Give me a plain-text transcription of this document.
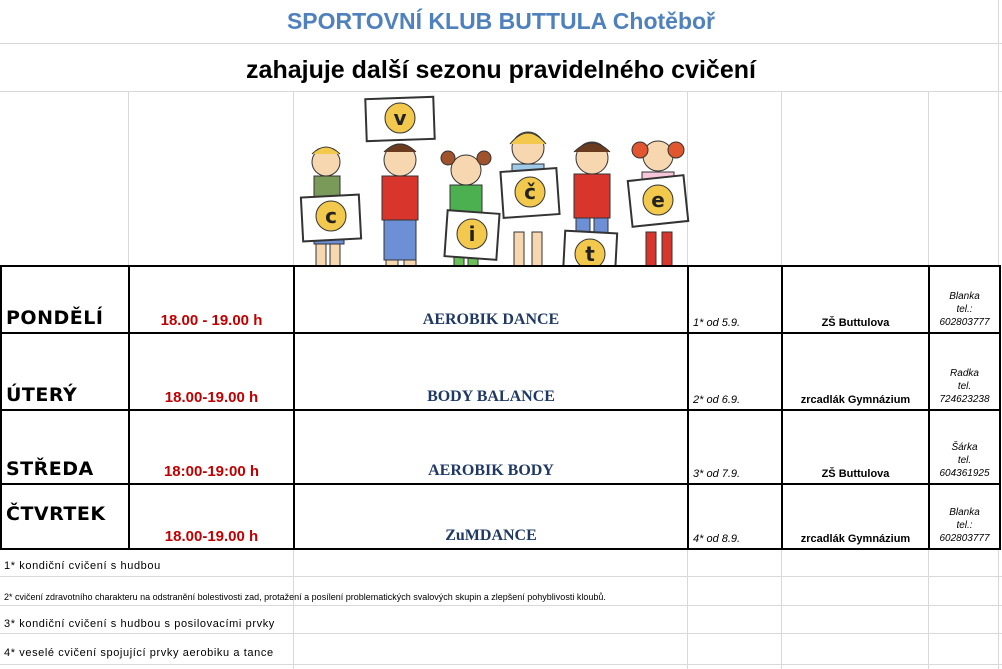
SPORTOVNÍ KLUB BUTTULA Chotěboř
zahajuje další sezonu pravidelného cvičení
c
v
i
č
t
e
PONDĚLÍ	18.00 - 19.00 h	AEROBIK DANCE	1* od 5.9.	ZŠ Buttulova	Blanka
tel.:
602803777

ÚTERÝ	18.00-19.00 h	BODY BALANCE	2* od 6.9.	zrcadlák Gymnázium	Radka
tel.
724623238

STŘEDA	18:00-19:00 h	AEROBIK BODY	3* od 7.9.	ZŠ Buttulova	Šárka
tel.
604361925

ČTVRTEK	18.00-19.00 h	ZuMDANCE	4* od 8.9.	zrcadlák Gymnázium	Blanka
tel.:
602803777
1* kondiční cvičení s hudbou
2* cvičení zdravotního charakteru na odstranění bolestivosti zad, protažení a posílení problematických svalových skupin a zlepšení pohyblivosti kloubů.
3* kondiční cvičení s hudbou s posilovacími prvky
4* veselé cvičení spojující prvky aerobiku a tance
